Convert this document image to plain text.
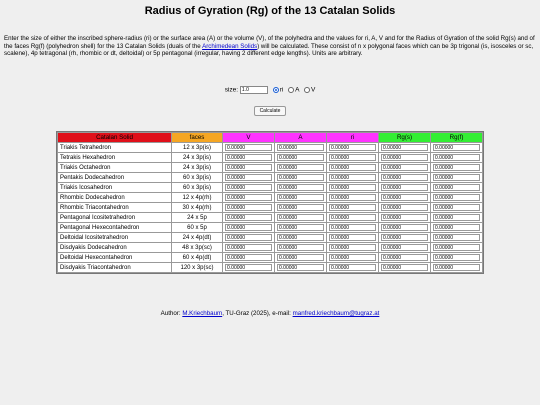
Radius of Gyration (Rg) of the 13 Catalan Solids

Enter the size of either the inscribed sphere-radius (ri) or the surface area (A) or the volume (V), of the polyhedra and the values for ri, A, V and for the Radius of Gyration of the solid Rg(s) and of the faces Rg(f) (polyhedron shell) for the 13 Catalan Solids (duals of the Archimedean Solids) will be calculated. These consist of n x polygonal faces which can be 3p trigonal (is, isosceles or sc, scalene), 4p tetragonal (rh, rhombic or dt, deltoidal) or 5p pentagonal (irregular, having 2 different edge lengths). Units are arbitrary.

size: 1.0	ri A V
Calculate
Catalan Solid	faces	V	A	ri	Rg(s)	Rg(f)
Triakis Tetrahedron	12 x 3p(is)	0.00000	0.00000	0.00000	0.00000	0.00000

Tetrakis Hexahedron	24 x 3p(is)	0.00000	0.00000	0.00000	0.00000	0.00000

Triakis Octahedron	24 x 3p(is)	0.00000	0.00000	0.00000	0.00000	0.00000

Pentakis Dodecahedron	60 x 3p(is)	0.00000	0.00000	0.00000	0.00000	0.00000

Triakis Icosahedron	60 x 3p(is)	0.00000	0.00000	0.00000	0.00000	0.00000

Rhombic Dodecahedron	12 x 4p(rh)	0.00000	0.00000	0.00000	0.00000	0.00000

Rhombic Triacontahedron	30 x 4p(rh)	0.00000	0.00000	0.00000	0.00000	0.00000

Pentagonal Icositetrahedron	24 x 5p	0.00000	0.00000	0.00000	0.00000	0.00000

Pentagonal Hexecontahedron	60 x 5p	0.00000	0.00000	0.00000	0.00000	0.00000

Deltoidal Icositetrahedron	24 x 4p(dt)	0.00000	0.00000	0.00000	0.00000	0.00000

Disdyakis Dodecahedron	48 x 3p(sc)	0.00000	0.00000	0.00000	0.00000	0.00000

Deltoidal Hexecontahedron	60 x 4p(dt)	0.00000	0.00000	0.00000	0.00000	0.00000

Disdyakis Triacontahedron	120 x 3p(sc)	0.00000	0.00000	0.00000	0.00000	0.00000
Author: M.Kriechbaum, TU-Graz (2025), e-mail: manfred.kriechbaum@tugraz.at
